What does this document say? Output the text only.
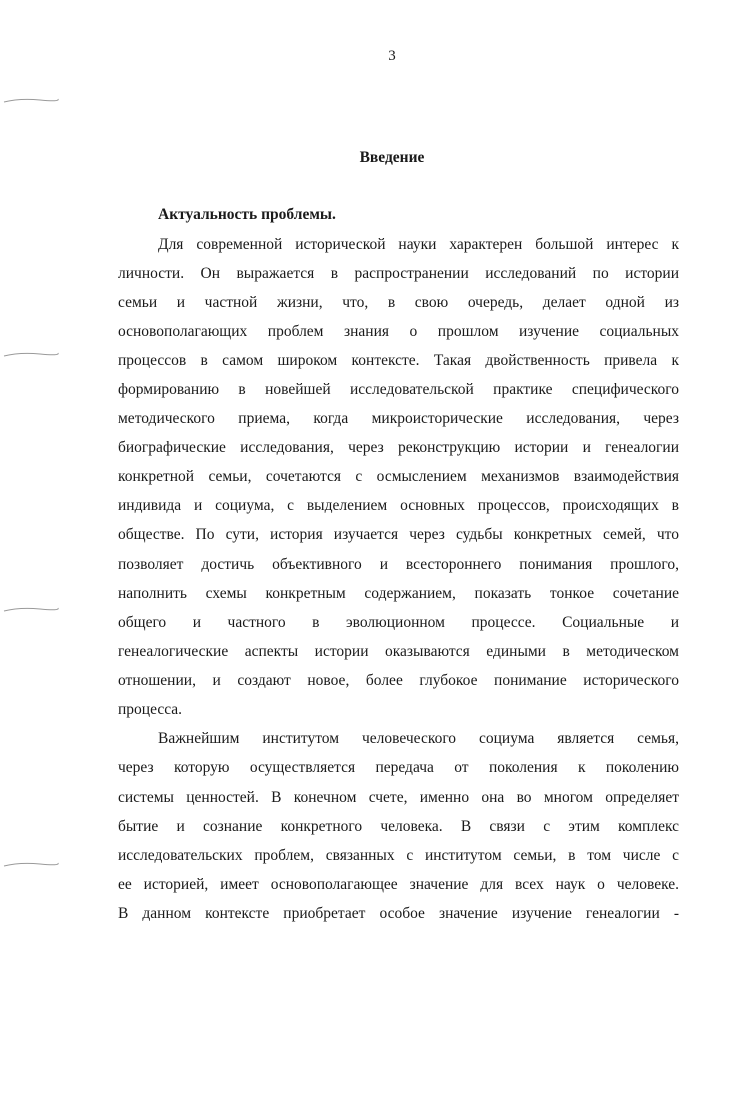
3
Введение
Актуальность проблемы.
Для современной исторической науки характерен большой интерес к
личности. Он выражается в распространении исследований по истории
семьи и частной жизни, что, в свою очередь, делает одной из
основополагающих проблем знания о прошлом изучение социальных
процессов в самом широком контексте. Такая двойственность привела к
формированию в новейшей исследовательской практике специфического
методического приема, когда микроисторические исследования, через
биографические исследования, через реконструкцию истории и генеалогии
конкретной семьи, сочетаются с осмыслением механизмов взаимодействия
индивида и социума, с выделением основных процессов, происходящих в
обществе. По сути, история изучается через судьбы конкретных семей, что
позволяет достичь объективного и всестороннего понимания прошлого,
наполнить схемы конкретным содержанием, показать тонкое сочетание
общего и частного в эволюционном процессе. Социальные и
генеалогические аспекты истории оказываются едиными в методическом
отношении, и создают новое, более глубокое понимание исторического
процесса.
Важнейшим институтом человеческого социума является семья,
через которую осуществляется передача от поколения к поколению
системы ценностей. В конечном счете, именно она во многом определяет
бытие и сознание конкретного человека. В связи с этим комплекс
исследовательских проблем, связанных с институтом семьи, в том числе с
ее историей, имеет основополагающее значение для всех наук о человеке.
В данном контексте приобретает особое значение изучение генеалогии -
